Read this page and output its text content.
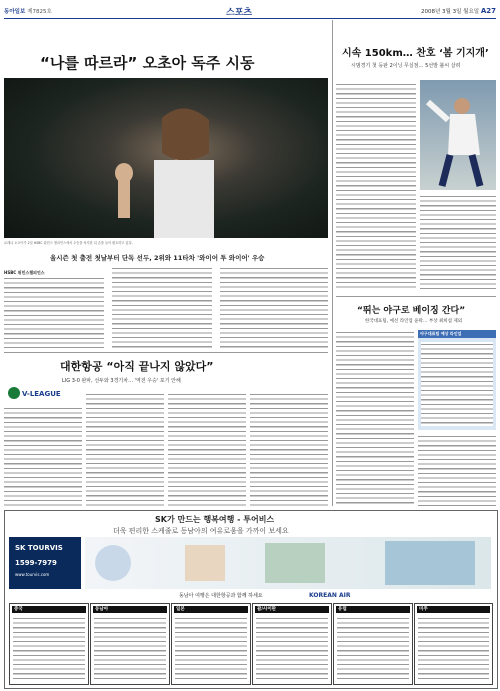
동아일보 제7825호	스포츠	2008년 3월 3일 월요일 A27
“나를 따르라” 오초아 독주 시동
로레나 오초아가 2일 HSBC 위민스 챔피언스에서 우승을 차지한 뒤 손을 들어 환호하고 있다.
올시즌 첫 출전 첫날부터 단독 선두, 2위와 11타차 '와이어 투 와이어' 우승
HSBC 위민스챔피언스
시속 150km… 찬호 ‘봄 기지개’
시범경기 첫 등판 2이닝 무실점… 5선발 불씨 살려
“뛰는 야구로 베이징 간다”
한국대표팀, 예선 라인업 윤곽… 부상 최희섭 제외
야구대표팀 예상 라인업
대한항공 “아직 끝나지 않았다”
LIG 3-0 완파, 선두와 3경기차… '역전 우승' 포기 안해
V-LEAGUE
SK가 만드는 행복여행 - 투어비스
더욱 편리한 스케줄로 동남아의 여유로움을 가까이 보세요
SK TOURVIS
1599-7979
www.tourvis.com
동남아 여행은 대한항공과 함께 하세요	KOREAN AIR
중국	동남아	일본	괌/사이판	유럽	미주
